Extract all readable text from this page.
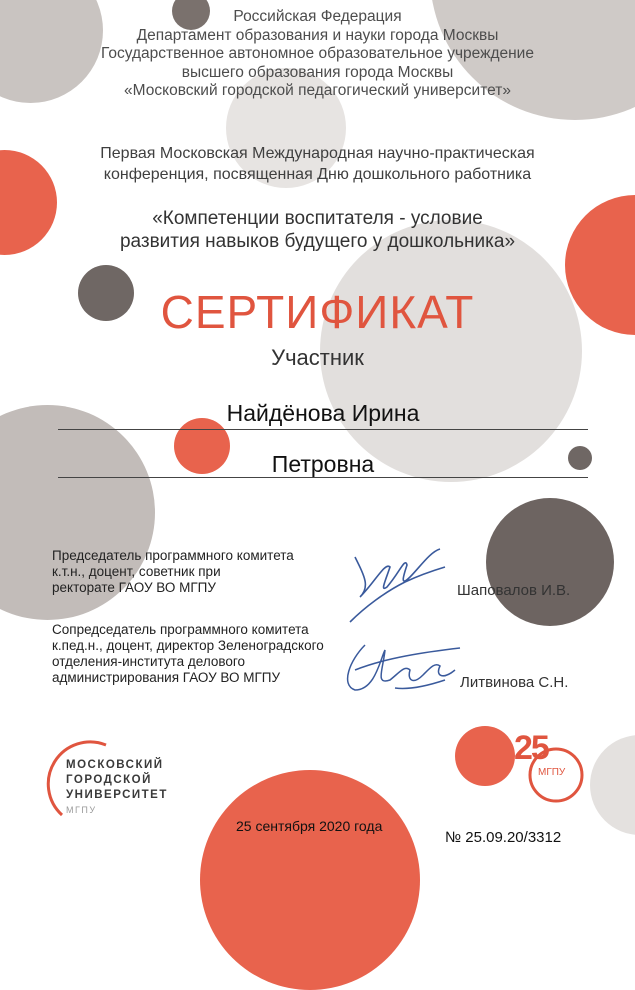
Российская Федерация
Департамент образования и науки города Москвы
Государственное автономное образовательное учреждение
высшего образования города Москвы
«Московский городской педагогический университет»
Первая Московская Международная научно-практическая
конференция, посвященная Дню дошкольного работника
«Компетенции воспитателя - условие
развития навыков будущего у дошкольника»
СЕРТИФИКАТ
Участник
Найдёнова Ирина
Петровна
Председатель программного комитета
к.т.н., доцент, советник при
ректорате ГАОУ ВО МГПУ	Шаповалов И.В.
Сопредседатель программного комитета
к.пед.н., доцент, директор Зеленоградского
отделения-института делового
администрирования ГАОУ ВО МГПУ	Литвинова С.Н.
МОСКОВСКИЙ
ГОРОДСКОЙ
УНИВЕРСИТЕТ
МГПУ
25
МГПУ
25 сентября 2020 года
№ 25.09.20/3312
